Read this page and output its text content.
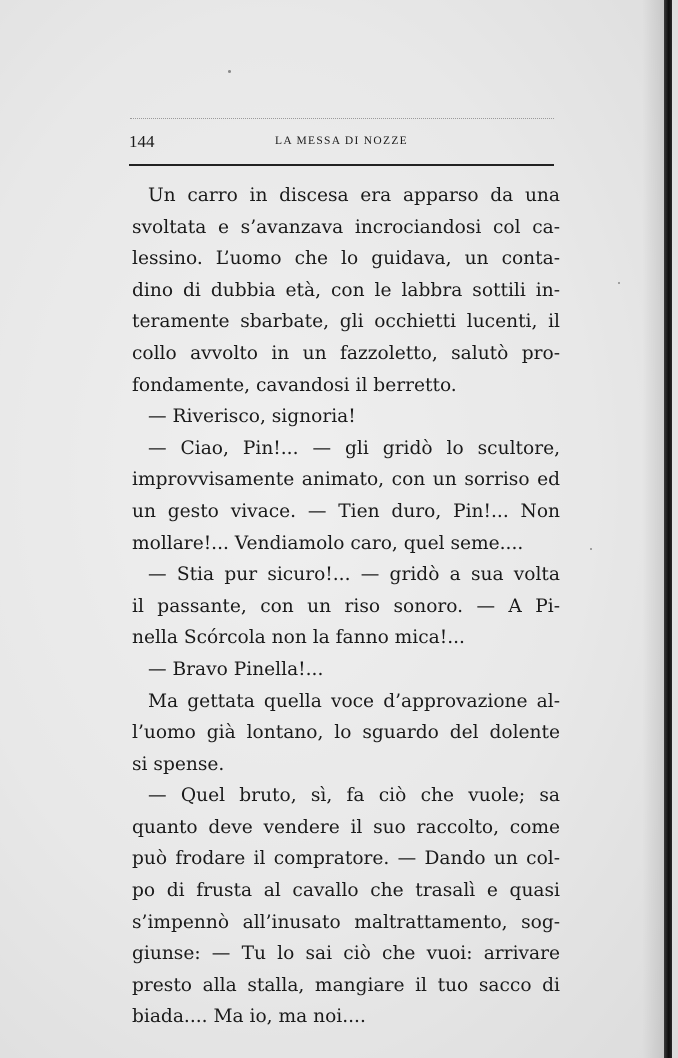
144	LA MESSA DI NOZZE
Un carro in discesa era apparso da una
svoltata e s’avanzava incrociandosi col ca-
lessino. L’uomo che lo guidava, un conta-
dino di dubbia età, con le labbra sottili in-
teramente sbarbate, gli occhietti lucenti, il
collo avvolto in un fazzoletto, salutò pro-
fondamente, cavandosi il berretto.
— Riverisco, signoria!
— Ciao, Pin!... — gli gridò lo scultore,
improvvisamente animato, con un sorriso ed
un gesto vivace. — Tien duro, Pin!... Non
mollare!... Vendiamolo caro, quel seme....
— Stia pur sicuro!... — gridò a sua volta
il passante, con un riso sonoro. — A Pi-
nella Scórcola non la fanno mica!...
— Bravo Pinella!...
Ma gettata quella voce d’approvazione al-
l’uomo già lontano, lo sguardo del dolente
si spense.
— Quel bruto, sì, fa ciò che vuole; sa
quanto deve vendere il suo raccolto, come
può frodare il compratore. — Dando un col-
po di frusta al cavallo che trasalì e quasi
s’impennò all’inusato maltrattamento, sog-
giunse: — Tu lo sai ciò che vuoi: arrivare
presto alla stalla, mangiare il tuo sacco di
biada.... Ma io, ma noi....
